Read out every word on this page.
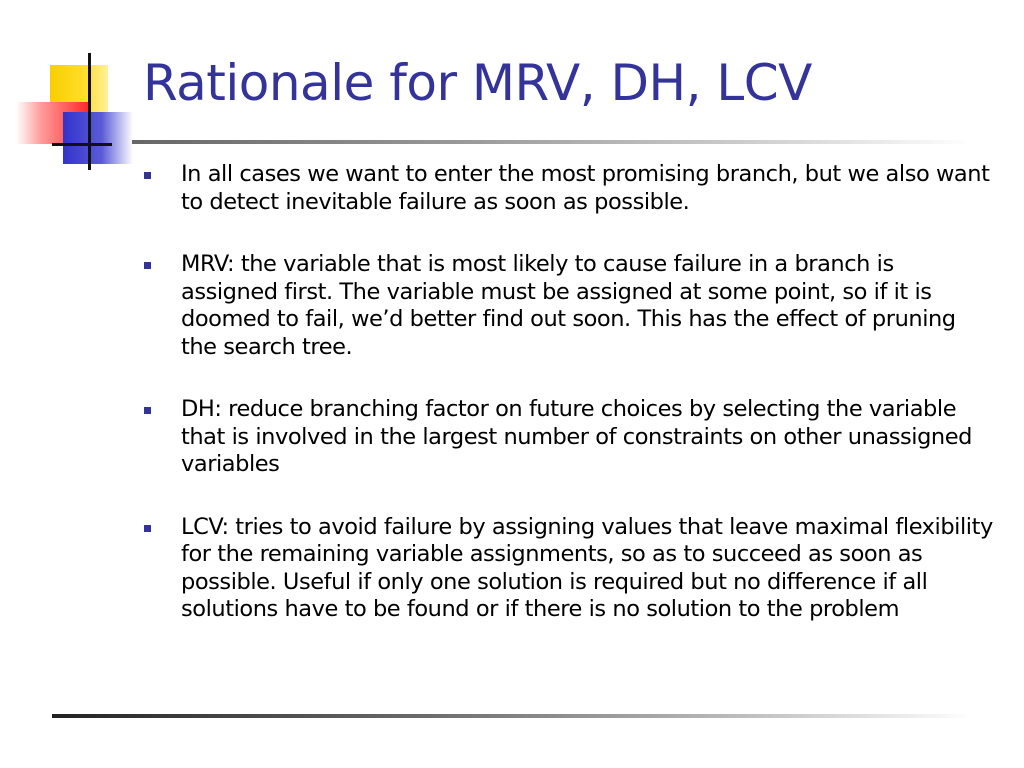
Rationale for MRV, DH, LCV
In all cases we want to enter the most promising branch, but we also want to detect inevitable failure as soon as possible.
MRV: the variable that is most likely to cause failure in a branch is assigned first. The variable must be assigned at some point, so if it is doomed to fail, we’d better find out soon. This has the effect of pruning the search tree.
DH: reduce branching factor on future choices by selecting the variable that is involved in the largest number of constraints on other unassigned variables
LCV: tries to avoid failure by assigning values that leave maximal flexibility for the remaining variable assignments, so as to succeed as soon as possible. Useful if only one solution is required but no difference if all solutions have to be found or if there is no solution to the problem
